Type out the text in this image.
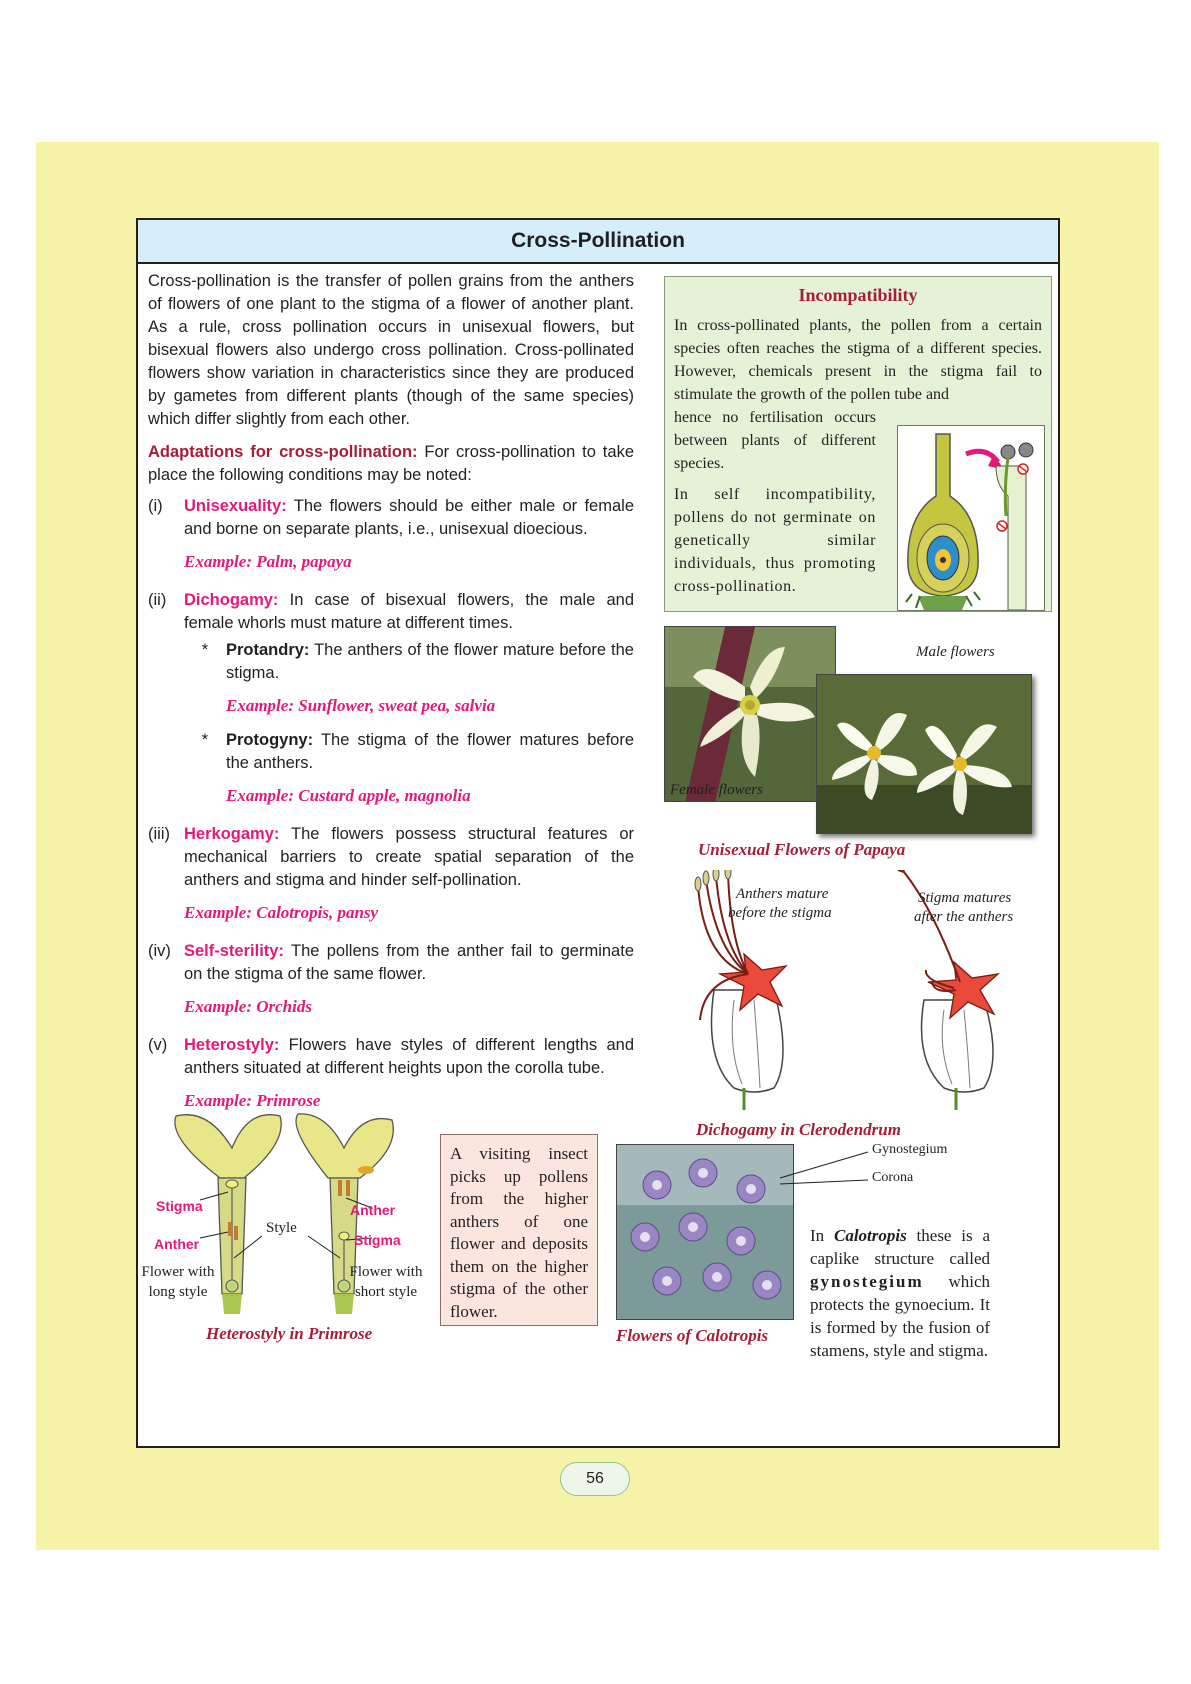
Cross-Pollination

Cross-pollination is the transfer of pollen grains from the anthers of flowers of one plant to the stigma of a flower of another plant. As a rule, cross pollination occurs in unisexual flowers, but bisexual flowers also undergo cross pollination. Cross-pollinated flowers show variation in characteristics since they are produced by gametes from different plants (though of the same species) which differ slightly from each other.

Adaptations for cross-pollination: For cross-pollination to take place the following conditions may be noted:

(i)	Unisexuality: The flowers should be either male or female and borne on separate plants, i.e., unisexual dioecious.
Example: Palm, papaya
(ii)	Dichogamy: In case of bisexual flowers, the male and female whorls must mature at different times.
*	Protandry: The anthers of the flower mature before the stigma.
Example: Sunflower, sweat pea, salvia
*	Protogyny: The stigma of the flower matures before the anthers.
Example: Custard apple, magnolia
(iii) Herkogamy: The flowers possess structural features or mechanical barriers to create spatial separation of the anthers and stigma and hinder self-pollination.
Example: Calotropis, pansy
(iv) Self-sterility: The pollens from the anther fail to germinate on the stigma of the same flower.
Example: Orchids
(v)	Heterostyly: Flowers have styles of different lengths and anthers situated at different heights upon the corolla tube.
Example: Primrose
Incompatibility
In cross-pollinated plants, the pollen from a certain species often reaches the stigma of a different species. However, chemicals present in the stigma fail to stimulate the growth of the pollen tube and
hence no fertilisation occurs between plants of different species.
In self incompatibility, pollens do not germinate on genetically similar individuals, thus promoting cross-pollination.
Male flowers
Female flowers
Unisexual Flowers of Papaya
Anthers mature
before the stigma
Stigma matures
after the anthers
Dichogamy in Clerodendrum
Stigma
Anther
Style
Anther
Stigma
Flower with
long style
Flower with
short style
Heterostyly in Primrose
A visiting insect picks up pollens from the higher anthers of one flower and deposits them on the higher stigma of the other flower.
Gynostegium
Corona
In Calotropis these is a caplike structure called gynostegium which protects the gynoecium. It is formed by the fusion of stamens, style and stigma.
Flowers of Calotropis
56
